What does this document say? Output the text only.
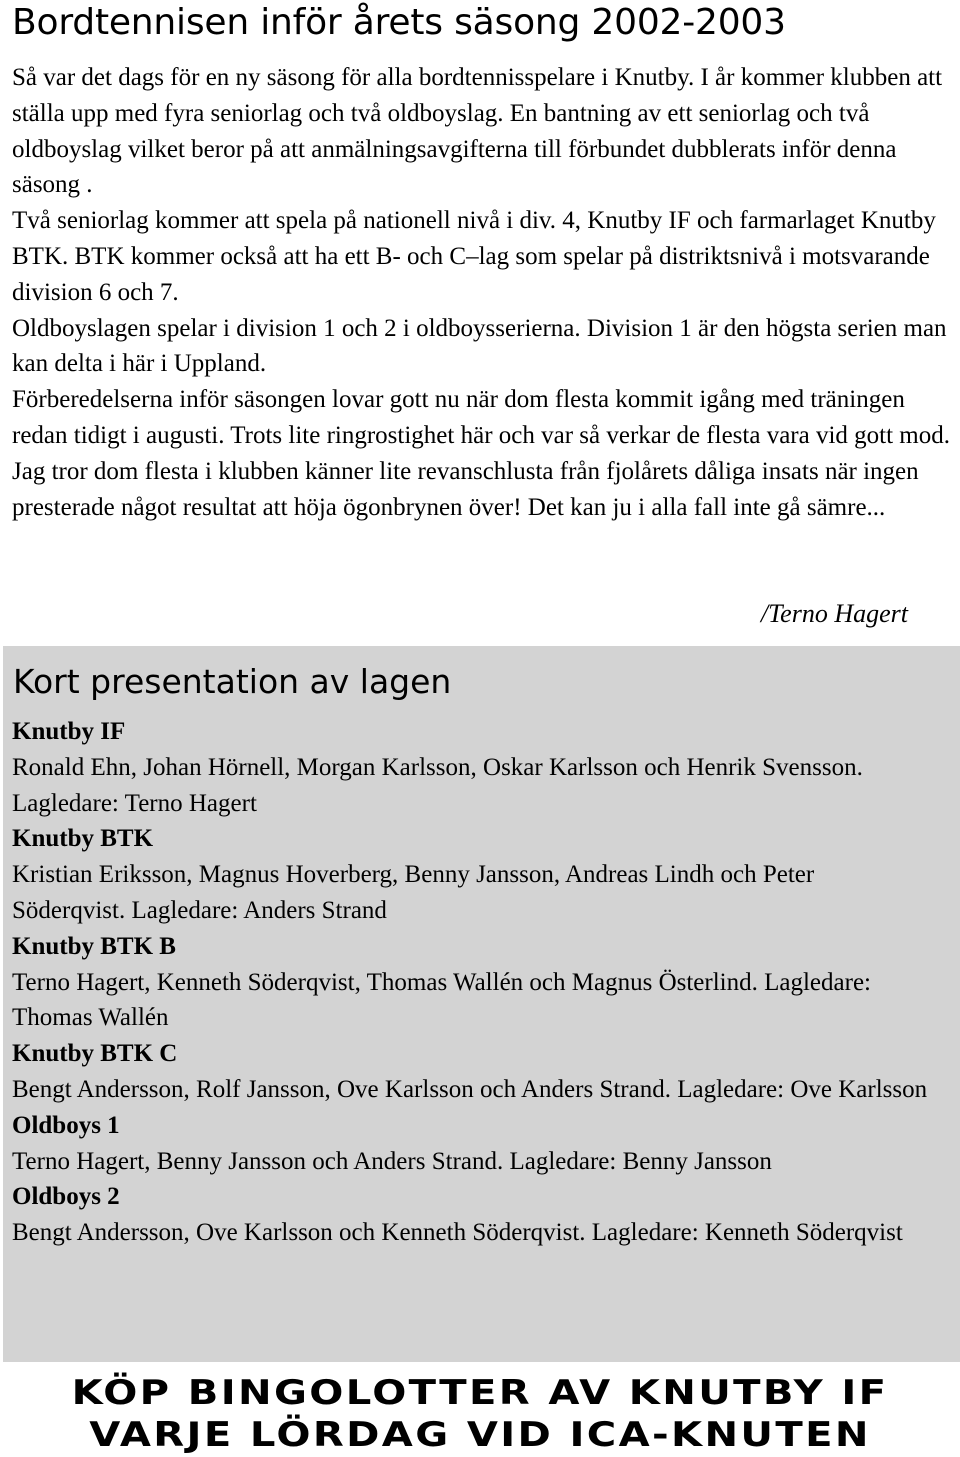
Bordtennisen inför årets säsong 2002-2003

Så var det dags för en ny säsong för alla bordtennisspelare i Knutby. I år kommer klubben att ställa upp med fyra seniorlag och två oldboyslag. En bantning av ett seniorlag och två oldboyslag vilket beror på att anmälningsavgifterna till förbundet dubblerats inför denna säsong .

Två seniorlag kommer att spela på nationell nivå i div. 4, Knutby IF och farmarlaget Knutby BTK. BTK kommer också att ha ett B- och C–lag som spelar på distriktsnivå i motsvarande division 6 och 7.

Oldboyslagen spelar i division 1 och 2 i oldboysserierna. Division 1 är den högsta serien man kan delta i här i Uppland.

Förberedelserna inför säsongen lovar gott nu när dom flesta kommit igång med träningen redan tidigt i augusti. Trots lite ringrostighet här och var så verkar de flesta vara vid gott mod. Jag tror dom flesta i klubben känner lite revanschlusta från fjolårets dåliga insats när ingen presterade något resultat att höja ögonbrynen över! Det kan ju i alla fall inte gå sämre...

/Terno Hagert
Kort presentation av lagen

Knutby IF

Ronald Ehn, Johan Hörnell, Morgan Karlsson, Oskar Karlsson och Henrik Svensson. Lagledare: Terno Hagert

Knutby BTK

Kristian Eriksson, Magnus Hoverberg, Benny Jansson, Andreas Lindh och Peter Söderqvist. Lagledare: Anders Strand

Knutby BTK B

Terno Hagert, Kenneth Söderqvist, Thomas Wallén och Magnus Österlind. Lagledare: Thomas Wallén

Knutby BTK C

Bengt Andersson, Rolf Jansson, Ove Karlsson och Anders Strand. Lagledare: Ove Karlsson

Oldboys 1

Terno Hagert, Benny Jansson och Anders Strand. Lagledare: Benny Jansson

Oldboys 2

Bengt Andersson, Ove Karlsson och Kenneth Söderqvist. Lagledare: Kenneth Söderqvist

KÖP BINGOLOTTER AV KNUTBY IF
VARJE LÖRDAG VID ICA-KNUTEN
